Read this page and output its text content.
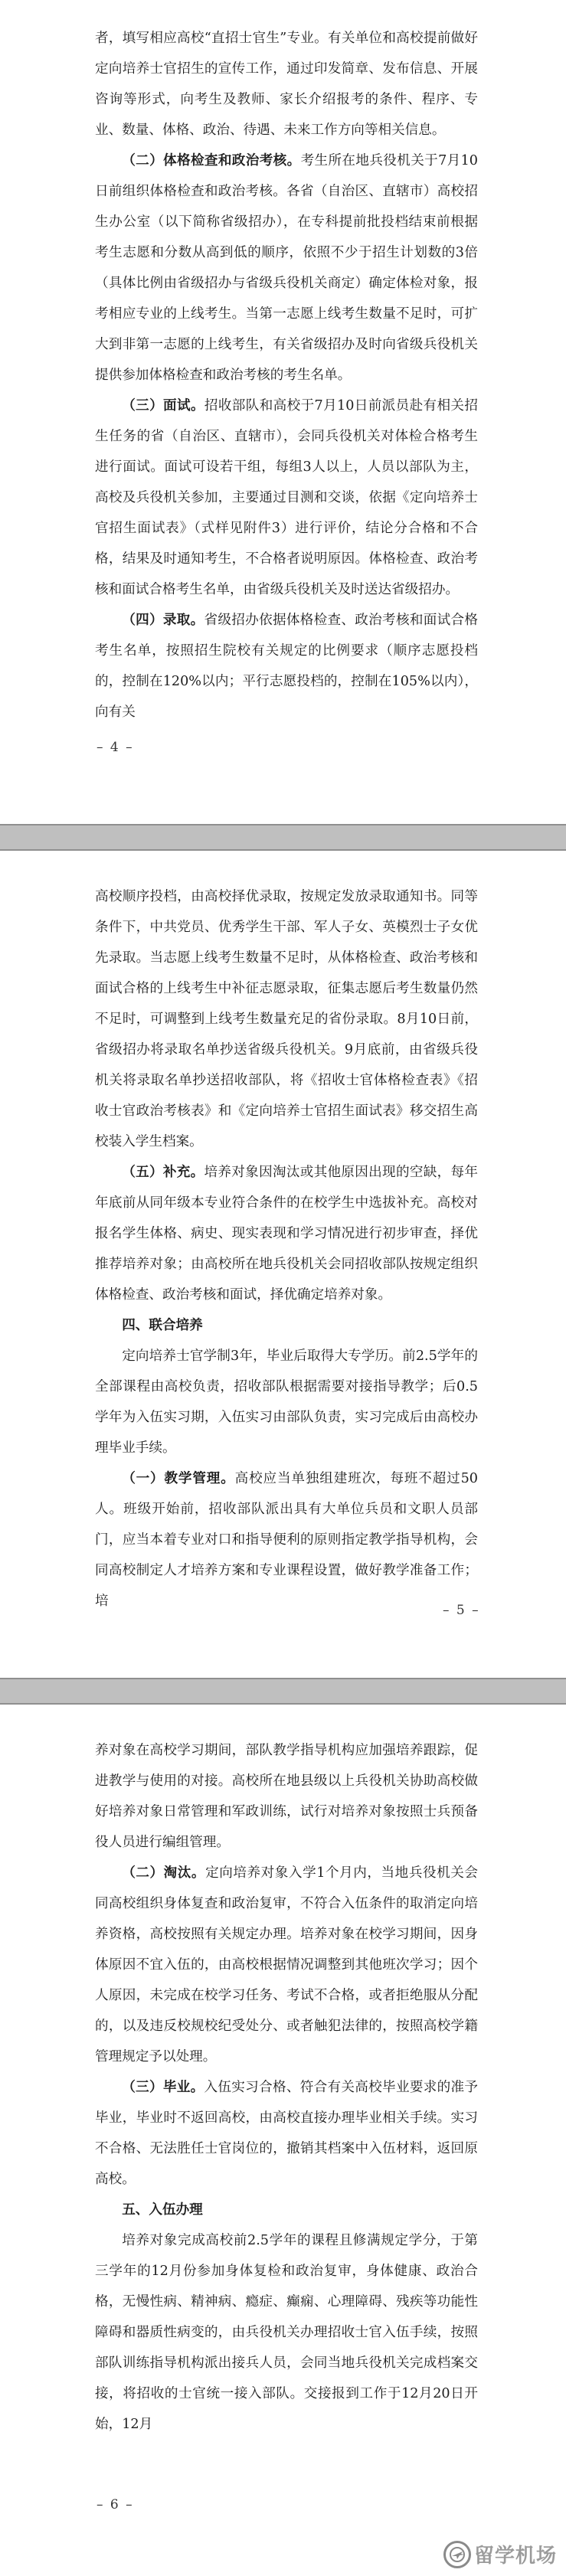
者，填写相应高校“直招士官生”专业。有关单位和高校提前做好定向培养士官招生的宣传工作，通过印发简章、发布信息、开展咨询等形式，向考生及教师、家长介绍报考的条件、程序、专业、数量、体格、政治、待遇、未来工作方向等相关信息。

（二）体格检查和政治考核。考生所在地兵役机关于7月10日前组织体格检查和政治考核。各省（自治区、直辖市）高校招生办公室（以下简称省级招办），在专科提前批投档结束前根据考生志愿和分数从高到低的顺序，依照不少于招生计划数的3倍（具体比例由省级招办与省级兵役机关商定）确定体检对象，报考相应专业的上线考生。当第一志愿上线考生数量不足时，可扩大到非第一志愿的上线考生，有关省级招办及时向省级兵役机关提供参加体格检查和政治考核的考生名单。

（三）面试。招收部队和高校于7月10日前派员赴有相关招生任务的省（自治区、直辖市），会同兵役机关对体检合格考生进行面试。面试可设若干组，每组3人以上，人员以部队为主，高校及兵役机关参加，主要通过目测和交谈，依据《定向培养士官招生面试表》（式样见附件3）进行评价，结论分合格和不合格，结果及时通知考生，不合格者说明原因。体格检查、政治考核和面试合格考生名单，由省级兵役机关及时送达省级招办。

（四）录取。省级招办依据体格检查、政治考核和面试合格考生名单，按照招生院校有关规定的比例要求（顺序志愿投档的，控制在120%以内；平行志愿投档的，控制在105%以内），向有关

– 4 –

高校顺序投档，由高校择优录取，按规定发放录取通知书。同等条件下，中共党员、优秀学生干部、军人子女、英模烈士子女优先录取。当志愿上线考生数量不足时，从体格检查、政治考核和面试合格的上线考生中补征志愿录取，征集志愿后考生数量仍然不足时，可调整到上线考生数量充足的省份录取。8月10日前，省级招办将录取名单抄送省级兵役机关。9月底前，由省级兵役机关将录取名单抄送招收部队，将《招收士官体格检查表》《招收士官政治考核表》和《定向培养士官招生面试表》移交招生高校装入学生档案。

（五）补充。培养对象因淘汰或其他原因出现的空缺，每年年底前从同年级本专业符合条件的在校学生中选拔补充。高校对报名学生体格、病史、现实表现和学习情况进行初步审查，择优推荐培养对象；由高校所在地兵役机关会同招收部队按规定组织体格检查、政治考核和面试，择优确定培养对象。

四、联合培养

定向培养士官学制3年，毕业后取得大专学历。前2.5学年的全部课程由高校负责，招收部队根据需要对接指导教学；后0.5学年为入伍实习期，入伍实习由部队负责，实习完成后由高校办理毕业手续。

（一）教学管理。高校应当单独组建班次，每班不超过50人。班级开始前，招收部队派出具有大单位兵员和文职人员部门，应当本着专业对口和指导便利的原则指定教学指导机构，会同高校制定人才培养方案和专业课程设置，做好教学准备工作；培

– 5 –

养对象在高校学习期间，部队教学指导机构应加强培养跟踪，促进教学与使用的对接。高校所在地县级以上兵役机关协助高校做好培养对象日常管理和军政训练，试行对培养对象按照士兵预备役人员进行编组管理。

（二）淘汰。定向培养对象入学1个月内，当地兵役机关会同高校组织身体复查和政治复审，不符合入伍条件的取消定向培养资格，高校按照有关规定办理。培养对象在校学习期间，因身体原因不宜入伍的，由高校根据情况调整到其他班次学习；因个人原因，未完成在校学习任务、考试不合格，或者拒绝服从分配的，以及违反校规校纪受处分、或者触犯法律的，按照高校学籍管理规定予以处理。

（三）毕业。入伍实习合格、符合有关高校毕业要求的准予毕业，毕业时不返回高校，由高校直接办理毕业相关手续。实习不合格、无法胜任士官岗位的，撤销其档案中入伍材料，返回原高校。

五、入伍办理

培养对象完成高校前2.5学年的课程且修满规定学分，于第三学年的12月份参加身体复检和政治复审，身体健康、政治合格，无慢性病、精神病、瘾症、癫痫、心理障碍、残疾等功能性障碍和器质性病变的，由兵役机关办理招收士官入伍手续，按照部队训练指导机构派出接兵人员，会同当地兵役机关完成档案交接，将招收的士官统一接入部队。交接报到工作于12月20日开始，12月

– 6 –
留学机场
